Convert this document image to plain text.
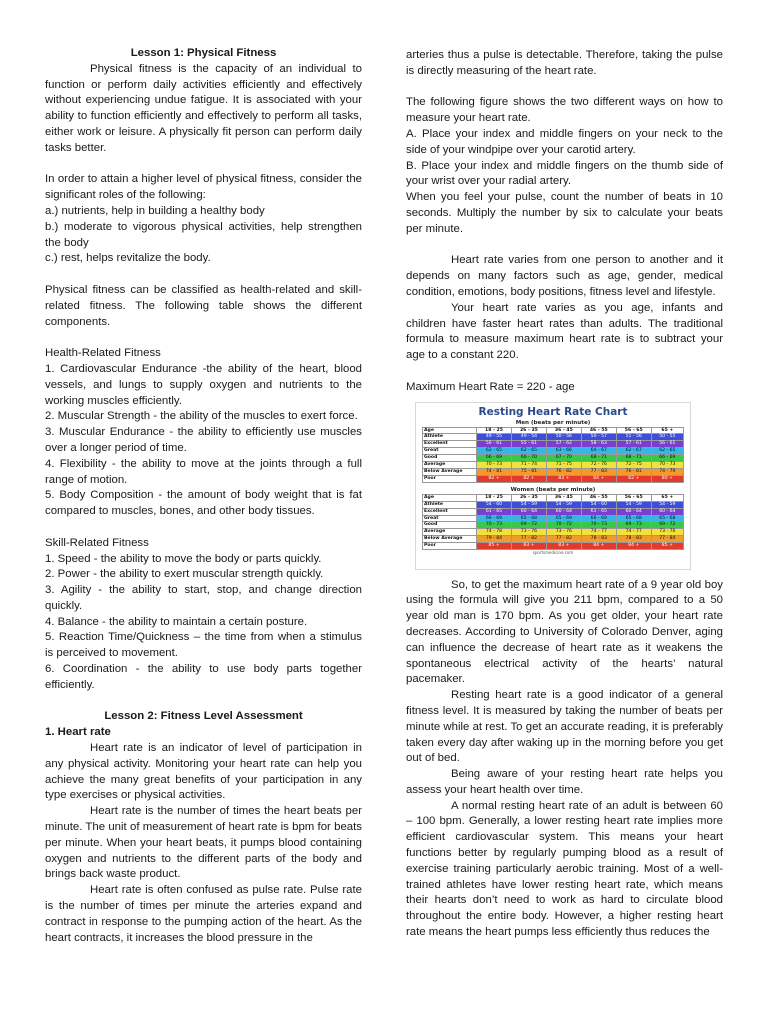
Lesson 1: Physical Fitness

Physical fitness is the capacity of an individual to function or perform daily activities efficiently and effectively without experiencing undue fatigue. It is associated with your ability to function efficiently and effectively to perform all tasks, either work or leisure. A physically fit person can perform daily tasks better.

In order to attain a higher level of physical fitness, consider the significant roles of the following:

a.) nutrients, help in building a healthy body

b.) moderate to vigorous physical activities, help strengthen the body

c.) rest, helps revitalize the body.

Physical fitness can be classified as health-related and skill-related fitness. The following table shows the different components.

Health-Related Fitness

1. Cardiovascular Endurance -the ability of the heart, blood vessels, and lungs to supply oxygen and nutrients to the working muscles efficiently.

2. Muscular Strength - the ability of the muscles to exert force.

3. Muscular Endurance - the ability to efficiently use muscles over a longer period of time.

4. Flexibility - the ability to move at the joints through a full range of motion.

5. Body Composition - the amount of body weight that is fat compared to muscles, bones, and other body tissues.

Skill-Related Fitness

1. Speed - the ability to move the body or parts quickly.

2. Power - the ability to exert muscular strength quickly.

3. Agility - the ability to start, stop, and change direction quickly.

4. Balance - the ability to maintain a certain posture.

5. Reaction Time/Quickness – the time from when a stimulus is perceived to movement.

6. Coordination - the ability to use body parts together efficiently.

Lesson 2: Fitness Level Assessment

1. Heart rate

Heart rate is an indicator of level of participation in any physical activity. Monitoring your heart rate can help you achieve the many great benefits of your participation in any type exercises or physical activities.

Heart rate is the number of times the heart beats per minute. The unit of measurement of heart rate is bpm for beats per minute. When your heart beats, it pumps blood containing oxygen and nutrients to the different parts of the body and brings back waste product.

Heart rate is often confused as pulse rate. Pulse rate is the number of times per minute the arteries expand and contract in response to the pumping action of the heart. As the heart contracts, it increases the blood pressure in the

arteries thus a pulse is detectable. Therefore, taking the pulse is directly measuring of the heart rate.

The following figure shows the two different ways on how to measure your heart rate.

A. Place your index and middle fingers on your neck to the side of your windpipe over your carotid artery.

B. Place your index and middle fingers on the thumb side of your wrist over your radial artery.

When you feel your pulse, count the number of beats in 10 seconds. Multiply the number by six to calculate your beats per minute.

Heart rate varies from one person to another and it depends on many factors such as age, gender, medical condition, emotions, body positions, fitness level and lifestyle.

Your heart rate varies as you age, infants and children have faster heart rates than adults. The traditional formula to measure maximum heart rate is to subtract your age to a constant 220.

Maximum Heart Rate = 220 - age

Resting Heart Rate Chart
Men (beats per minute)
Age	18 - 25	26 - 35	36 - 45	46 - 55	56 - 65	65 +
Athlete	49 - 55	49 - 54	50 - 56	50 - 57	51 - 56	50 - 55
Excellent	56 - 61	55 - 61	57 - 62	58 - 63	57 - 61	56 - 61
Great	62 - 65	62 - 65	63 - 66	64 - 67	62 - 67	62 - 65
Good	66 - 69	66 - 70	67 - 70	68 - 71	68 - 71	66 - 69
Average	70 - 73	71 - 74	71 - 75	72 - 76	72 - 75	70 - 73
Below Average	74 - 81	75 - 81	76 - 82	77 - 83	76 - 81	74 - 79
Poor	82 +	82 +	83 +	84 +	82 +	80 +
Women (beats per minute)
Age	18 - 25	26 - 35	36 - 45	46 - 55	56 - 65	65 +
Athlete	54 - 60	54 - 59	54 - 59	54 - 60	54 - 59	54 - 59
Excellent	61 - 65	60 - 64	60 - 64	61 - 65	60 - 64	60 - 64
Great	66 - 69	65 - 68	65 - 69	66 - 69	65 - 68	65 - 68
Good	70 - 73	69 - 72	70 - 72	70 - 73	69 - 73	69 - 72
Average	74 - 78	73 - 76	73 - 76	74 - 77	74 - 77	73 - 76
Below Average	79 - 84	77 - 82	77 - 82	78 - 83	78 - 83	77 - 84
Poor	85 +	83 +	83 +	84 +	84 +	85 +
sportsmedicine.com

So, to get the maximum heart rate of a 9 year old boy using the formula will give you 211 bpm, compared to a 50 year old man is 170 bpm. As you get older, your heart rate decreases. According to University of Colorado Denver, aging can influence the decrease of heart rate as it weakens the spontaneous electrical activity of the hearts’ natural pacemaker.

Resting heart rate is a good indicator of a general fitness level. It is measured by taking the number of beats per minute while at rest. To get an accurate reading, it is preferably taken every day after waking up in the morning before you get out of bed.

Being aware of your resting heart rate helps you assess your heart health over time.

A normal resting heart rate of an adult is between 60 – 100 bpm. Generally, a lower resting heart rate implies more efficient cardiovascular system. This means your heart functions better by regularly pumping blood as a result of exercise training particularly aerobic training. Most of a well-trained athletes have lower resting heart rate, which means their hearts don’t need to work as hard to circulate blood throughout the entire body. However, a higher resting heart rate means the heart pumps less efficiently thus reduces the
